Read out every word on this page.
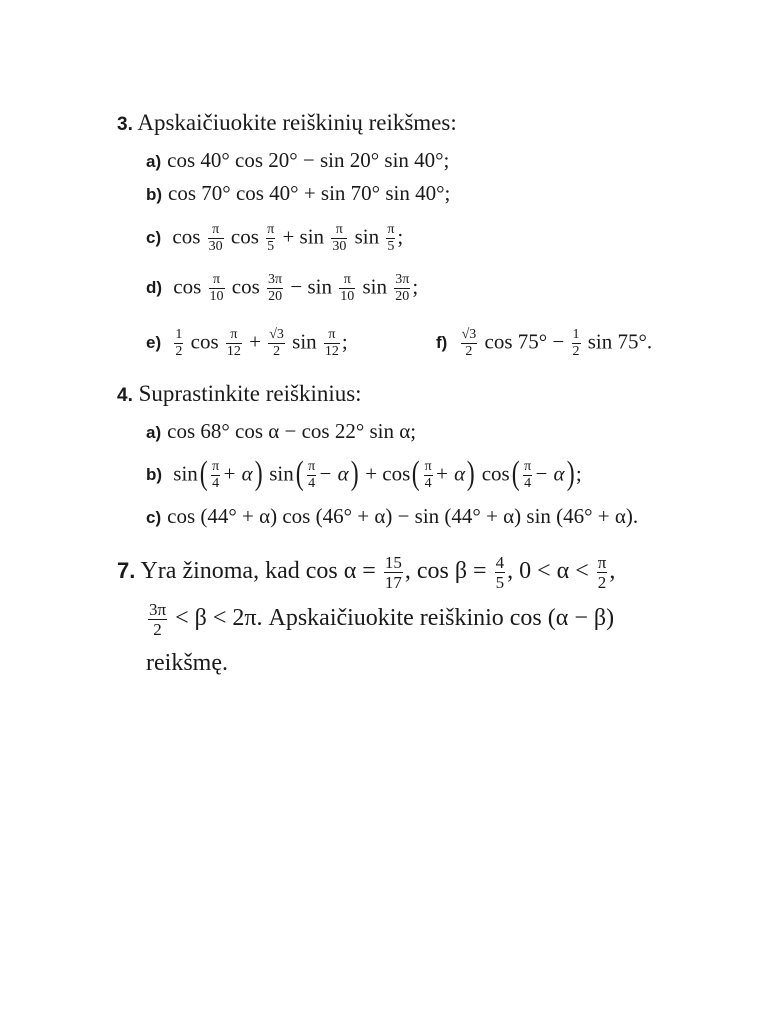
3. Apskaičiuokite reiškinių reikšmes:
a) cos 40° cos 20° − sin 20° sin 40°;
b) cos 70° cos 40° + sin 70° sin 40°;
c) $\cos \frac{\pi}{30}$ $\cos \frac{\pi}{5} + \sin \frac{\pi}{30}$ $\sin \frac{\pi}{5}$ ;
d) $\cos \frac{\pi}{10}$ $\cos \frac{3\pi}{20} - \sin \frac{\pi}{10}$ $\sin \frac{3\pi}{20}$ ;
$e) \frac{1}{2}$ $\cos \frac{\pi}{12} + \frac{√3}{2}$ $\sin \frac{\pi}{12}$ ;	$f) \frac{√3}{2}$ $\cos 75^\circ - \frac{1}{2}$ sin 75°.
4. Suprastinkite reiškinius:
a) cos 68° cos α − cos 22° sin α;
b) $\sin( \frac{\pi}{4} + \alpha)$ $\sin( \frac{\pi}{4} - \alpha) + \cos( \frac{\pi}{4} + \alpha)$ $\cos( \frac{\pi}{4} - \alpha)$;
c) cos (44° + α) cos (46° + α) − sin (44° + α) sin (46° + α).
7. Yra žinoma, kad $\cos \alpha = \frac{15}{17}$ , $\cos \beta = \frac{4}{5}$ , $0 < \alpha < \frac{\pi}{2}$ ,
$\frac{3\pi}{2} < \beta < 2\pi$. Apskaičiuokite reiškinio cos (α − β)
reikšmę.
